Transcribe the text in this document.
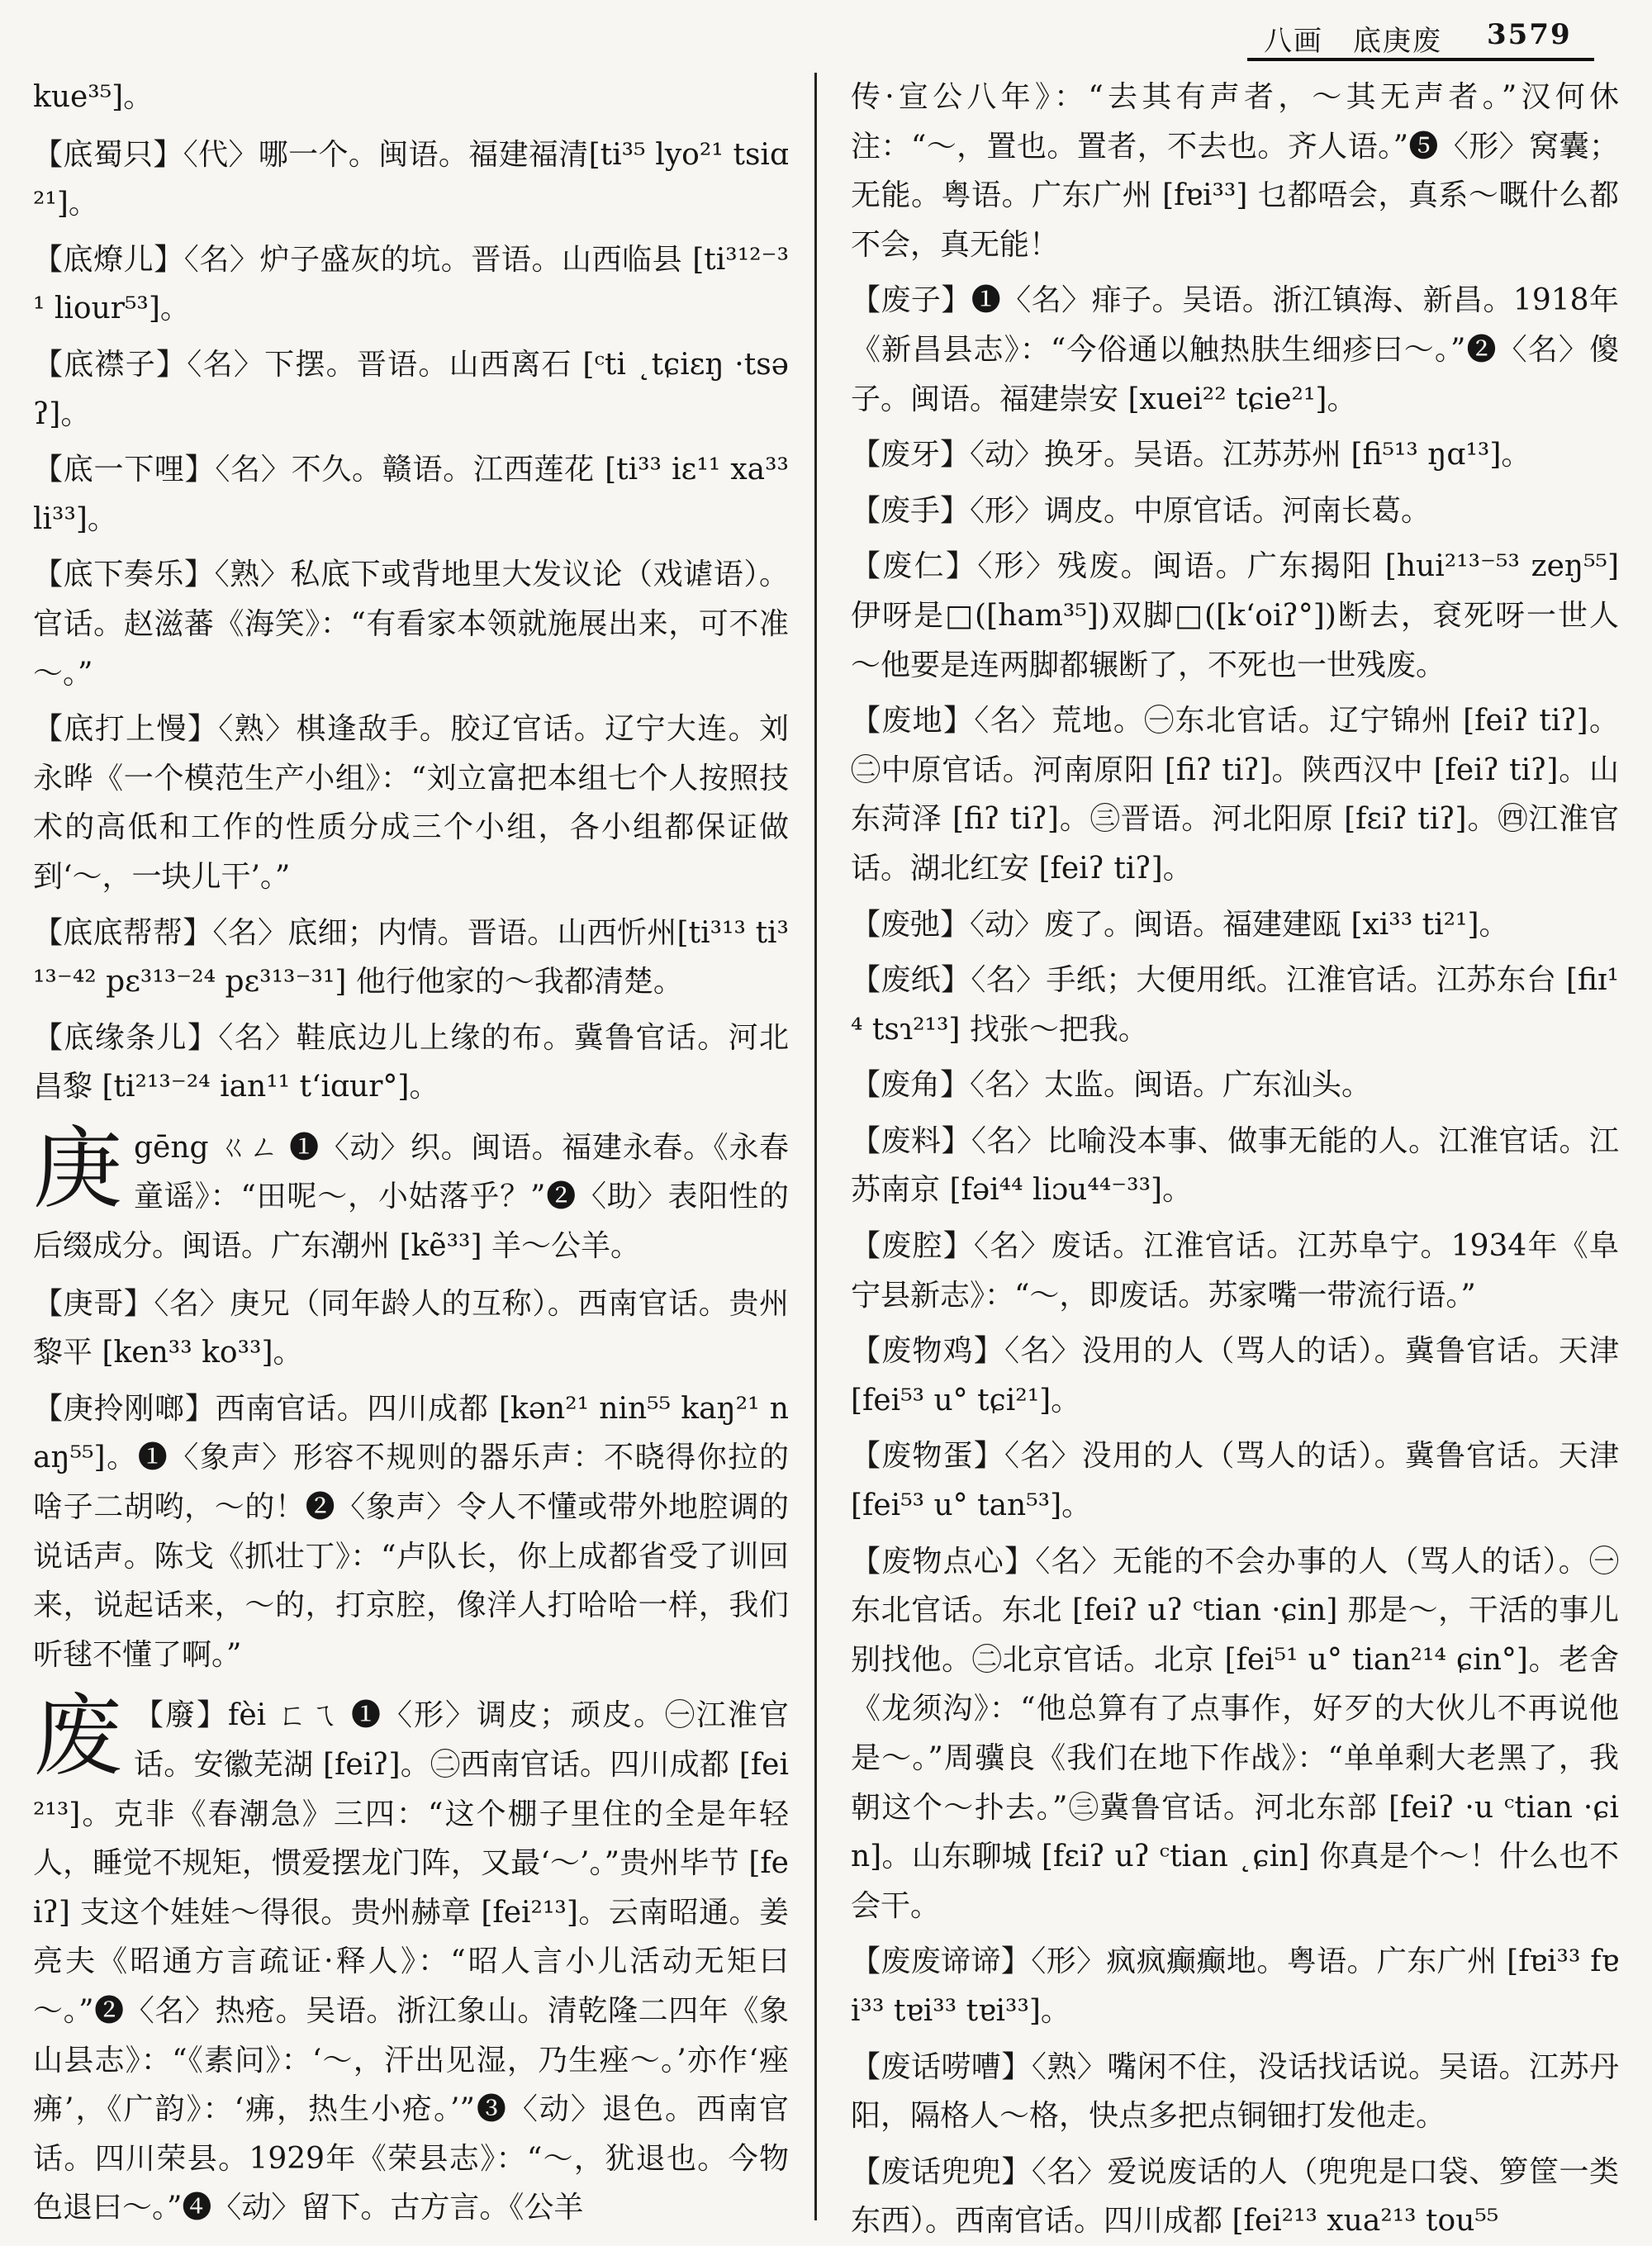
八画　底庚废 3579

kue³⁵]。

【底蜀只】〈代〉哪一个。闽语。福建福清[ti³⁵ lyo²¹ tsiɑ²¹]。

【底燎儿】〈名〉炉子盛灰的坑。晋语。山西临县 [ti³¹²⁻³¹ liour⁵³]。

【底襟子】〈名〉下摆。晋语。山西离石 [ᶜti ˛tɕiɛŋ ·tsəʔ]。

【底一下哩】〈名〉不久。赣语。江西莲花 [ti³³ iɛ¹¹ xa³³ li³³]。

【底下奏乐】〈熟〉私底下或背地里大发议论（戏谑语）。官话。赵滋蕃《海笑》：“有看家本领就施展出来，可不准～。”

【底打上慢】〈熟〉棋逢敌手。胶辽官话。辽宁大连。刘永晔《一个模范生产小组》：“刘立富把本组七个人按照技术的高低和工作的性质分成三个小组，各小组都保证做到‘～，一块儿干’。”

【底底帮帮】〈名〉底细；内情。晋语。山西忻州[ti³¹³ ti³¹³⁻⁴² pɛ³¹³⁻²⁴ pɛ³¹³⁻³¹] 他行他家的～我都清楚。

【底缘条儿】〈名〉鞋底边儿上缘的布。冀鲁官话。河北昌黎 [ti²¹³⁻²⁴ ian¹¹ tʻiɑur°]。

庚 gēng ㄍㄥ ❶〈动〉织。闽语。福建永春。《永春童谣》：“田呢～，小姑落乎？”❷〈助〉表阳性的后缀成分。闽语。广东潮州 [kẽ³³] 羊～公羊。

【庚哥】〈名〉庚兄（同年龄人的互称）。西南官话。贵州黎平 [ken³³ ko³³]。

【庚拎刚啷】西南官话。四川成都 [kən²¹ nin⁵⁵ kaŋ²¹ naŋ⁵⁵]。❶〈象声〉形容不规则的器乐声：不晓得你拉的啥子二胡哟，～的！❷〈象声〉令人不懂或带外地腔调的说话声。陈戈《抓壮丁》：“卢队长，你上成都省受了训回来，说起话来，～的，打京腔，像洋人打哈哈一样，我们听毬不懂了啊。”

废 【廢】fèi ㄈㄟ ❶〈形〉调皮；顽皮。㊀江淮官话。安徽芜湖 [feiʔ]。㊁西南官话。四川成都 [fei²¹³]。克非《春潮急》三四：“这个棚子里住的全是年轻人，睡觉不规矩，惯爱摆龙门阵，又最‘～’。”贵州毕节 [feiʔ] 支这个娃娃～得很。贵州赫章 [fei²¹³]。云南昭通。姜亮夫《昭通方言疏证·释人》：“昭人言小儿活动无矩曰～。”❷〈名〉热疮。吴语。浙江象山。清乾隆二四年《象山县志》：“《素问》：‘～，汗出见湿，乃生痤～。’亦作‘痤疿’，《广韵》：‘疿，热生小疮。’”❸〈动〉退色。西南官话。四川荣县。1929年《荣县志》：“～，犹退也。今物色退曰～。”❹〈动〉留下。古方言。《公羊

传·宣公八年》：“去其有声者，～其无声者。”汉何休注：“～，置也。置者，不去也。齐人语。”❺〈形〉窝囊；无能。粤语。广东广州 [fɐi³³] 乜都唔会，真系～嘅什么都不会，真无能！

【废子】❶〈名〉痱子。吴语。浙江镇海、新昌。1918年《新昌县志》：“今俗通以触热肤生细疹曰～。”❷〈名〉傻子。闽语。福建崇安 [xuei²² tɕie²¹]。

【废牙】〈动〉换牙。吴语。江苏苏州 [fi⁵¹³ ŋɑ¹³]。

【废手】〈形〉调皮。中原官话。河南长葛。

【废仁】〈形〉残废。闽语。广东揭阳 [hui²¹³⁻⁵³ zeŋ⁵⁵] 伊呀是□([ham³⁵])双脚□([kʻoiʔ°])断去，袞死呀一世人～他要是连两脚都辗断了，不死也一世残废。

【废地】〈名〉荒地。㊀东北官话。辽宁锦州 [feiʔ tiʔ]。㊁中原官话。河南原阳 [fiʔ tiʔ]。陕西汉中 [feiʔ tiʔ]。山东菏泽 [fiʔ tiʔ]。㊂晋语。河北阳原 [fɛiʔ tiʔ]。㊃江淮官话。湖北红安 [feiʔ tiʔ]。

【废弛】〈动〉废了。闽语。福建建瓯 [xi³³ ti²¹]。

【废纸】〈名〉手纸；大便用纸。江淮官话。江苏东台 [fiɪ¹⁴ tsɿ²¹³] 找张～把我。

【废角】〈名〉太监。闽语。广东汕头。

【废料】〈名〉比喻没本事、做事无能的人。江淮官话。江苏南京 [fəi⁴⁴ liɔu⁴⁴⁻³³]。

【废腔】〈名〉废话。江淮官话。江苏阜宁。1934年《阜宁县新志》：“～，即废话。苏家嘴一带流行语。”

【废物鸡】〈名〉没用的人（骂人的话）。冀鲁官话。天津 [fei⁵³ u° tɕi²¹]。

【废物蛋】〈名〉没用的人（骂人的话）。冀鲁官话。天津 [fei⁵³ u° tan⁵³]。

【废物点心】〈名〉无能的不会办事的人（骂人的话）。㊀东北官话。东北 [feiʔ uʔ ᶜtian ·ɕin] 那是～，干活的事儿别找他。㊁北京官话。北京 [fei⁵¹ u° tian²¹⁴ ɕin°]。老舍《龙须沟》：“他总算有了点事作，好歹的大伙儿不再说他是～。”周骥良《我们在地下作战》：“单单剩大老黑了，我朝这个～扑去。”㊂冀鲁官话。河北东部 [feiʔ ·u ᶜtian ·ɕin]。山东聊城 [fɛiʔ uʔ ᶜtian ˛ɕin] 你真是个～！什么也不会干。

【废废谛谛】〈形〉疯疯癫癫地。粤语。广东广州 [fɐi³³ fɐi³³ tɐi³³ tɐi³³]。

【废话唠嘈】〈熟〉嘴闲不住，没话找话说。吴语。江苏丹阳，隔格人～格，快点多把点铜钿打发他走。

【废话兜兜】〈名〉爱说废话的人（兜兜是口袋、箩筐一类东西）。西南官话。四川成都 [fei²¹³ xua²¹³ tou⁵⁵
